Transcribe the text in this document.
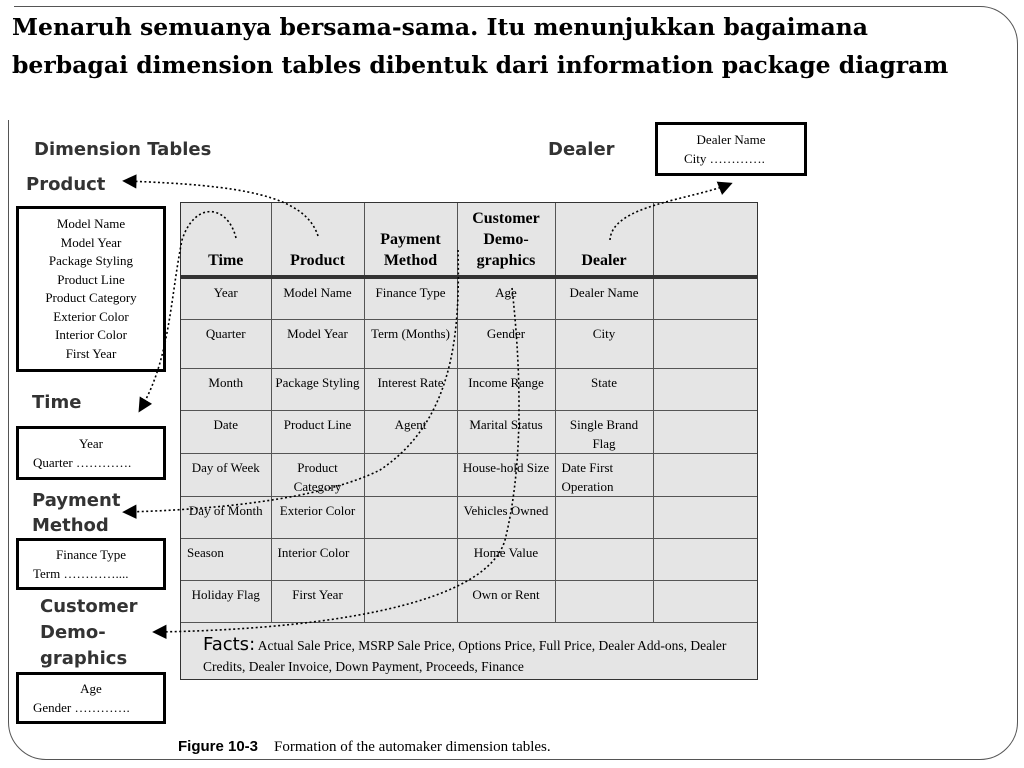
Menaruh semuanya bersama-sama. Itu menunjukkan bagaimana berbagai dimension tables dibentuk dari information package diagram
Dimension Tables	Dealer
Product
Time
Payment
Method
Customer
Demo-
graphics
Dealer Name
City ………….
Model Name
Model Year
Package Styling
Product Line
Product Category
Exterior Color
Interior Color
First Year
Year
Quarter ………….
Finance Type
Term …………....
Age
Gender ………….
Time	Product	Payment Method	Customer Demo-graphics	Dealer	
Year	Model Name	Finance Type	Age	Dealer Name	
Quarter	Model Year	Term (Months)	Gender	City	
Month	Package Styling	Interest Rate	Income Range	State	
Date	Product Line	Agent	Marital Status	Single Brand Flag	
Day of Week	Product Category		House-hold Size	Date First Operation	
Day of Month	Exterior Color		Vehicles Owned		
Season	Interior Color		Home Value		
Holiday Flag	First Year		Own or Rent		
Facts: Actual Sale Price, MSRP Sale Price, Options Price, Full Price, Dealer Add-ons, Dealer Credits, Dealer Invoice, Down Payment, Proceeds, Finance
Figure 10-3 Formation of the automaker dimension tables.
